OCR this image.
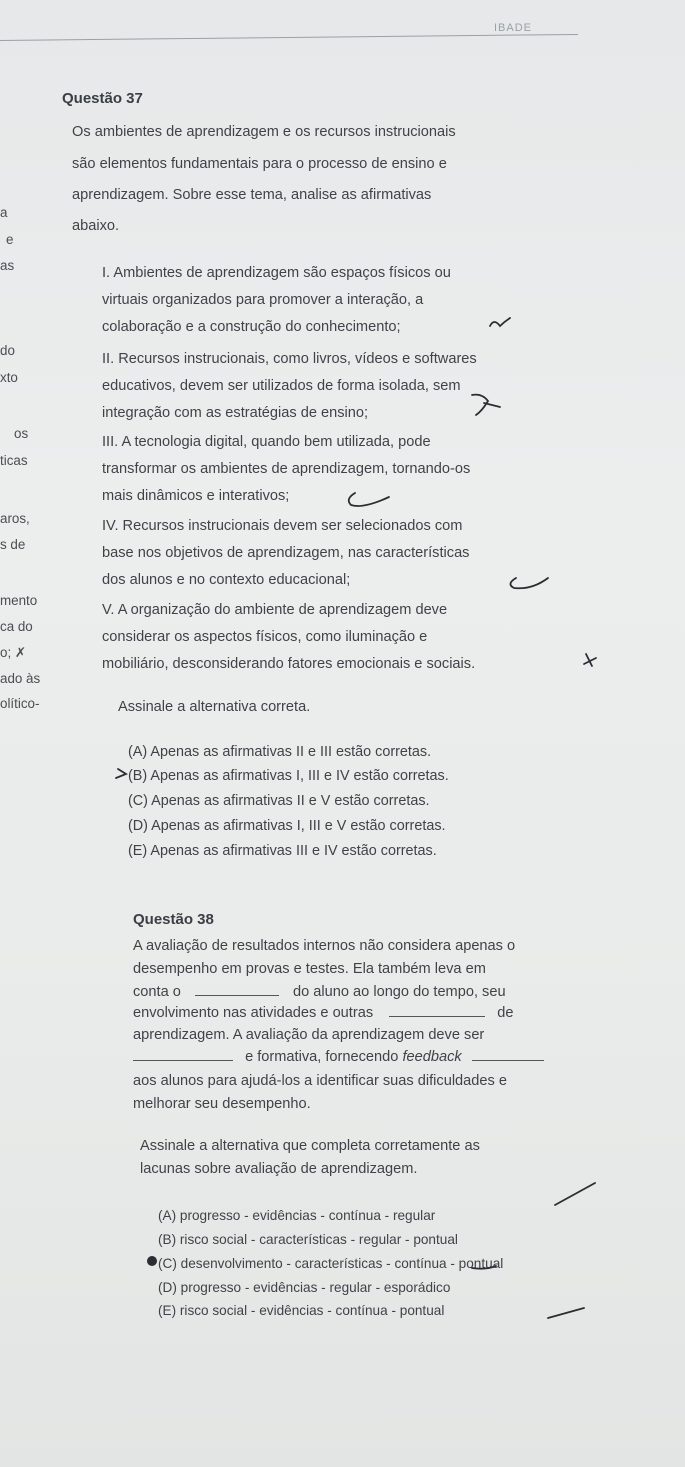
IBADE
a
e
as
do
xto
os
ticas
aros,
s de
mento
ca do
o; ✗
ado às
olítico-
Questão 37
Os ambientes de aprendizagem e os recursos instrucionais
são elementos fundamentais para o processo de ensino e
aprendizagem. Sobre esse tema, analise as afirmativas
abaixo.
I. Ambientes de aprendizagem são espaços físicos ou
virtuais organizados para promover a interação, a
colaboração e a construção do conhecimento;
II. Recursos instrucionais, como livros, vídeos e softwares
educativos, devem ser utilizados de forma isolada, sem
integração com as estratégias de ensino;
III. A tecnologia digital, quando bem utilizada, pode
transformar os ambientes de aprendizagem, tornando-os
mais dinâmicos e interativos;
IV. Recursos instrucionais devem ser selecionados com
base nos objetivos de aprendizagem, nas características
dos alunos e no contexto educacional;
V. A organização do ambiente de aprendizagem deve
considerar os aspectos físicos, como iluminação e
mobiliário, desconsiderando fatores emocionais e sociais.
Assinale a alternativa correta.
(A) Apenas as afirmativas II e III estão corretas.
(B) Apenas as afirmativas I, III e IV estão corretas.
(C) Apenas as afirmativas II e V estão corretas.
(D) Apenas as afirmativas I, III e V estão corretas.
(E) Apenas as afirmativas III e IV estão corretas.
Questão 38
A avaliação de resultados internos não considera apenas o
desempenho em provas e testes. Ela também leva em
conta o	do aluno ao longo do tempo, seu
envolvimento nas atividades e outras	de
aprendizagem. A avaliação da aprendizagem deve ser
e formativa, fornecendo feedback
aos alunos para ajudá-los a identificar suas dificuldades e
melhorar seu desempenho.
Assinale a alternativa que completa corretamente as
lacunas sobre avaliação de aprendizagem.
(A) progresso - evidências - contínua - regular
(B) risco social - características - regular - pontual
(C) desenvolvimento - características - contínua - pontual
(D) progresso - evidências - regular - esporádico
(E) risco social - evidências - contínua - pontual
